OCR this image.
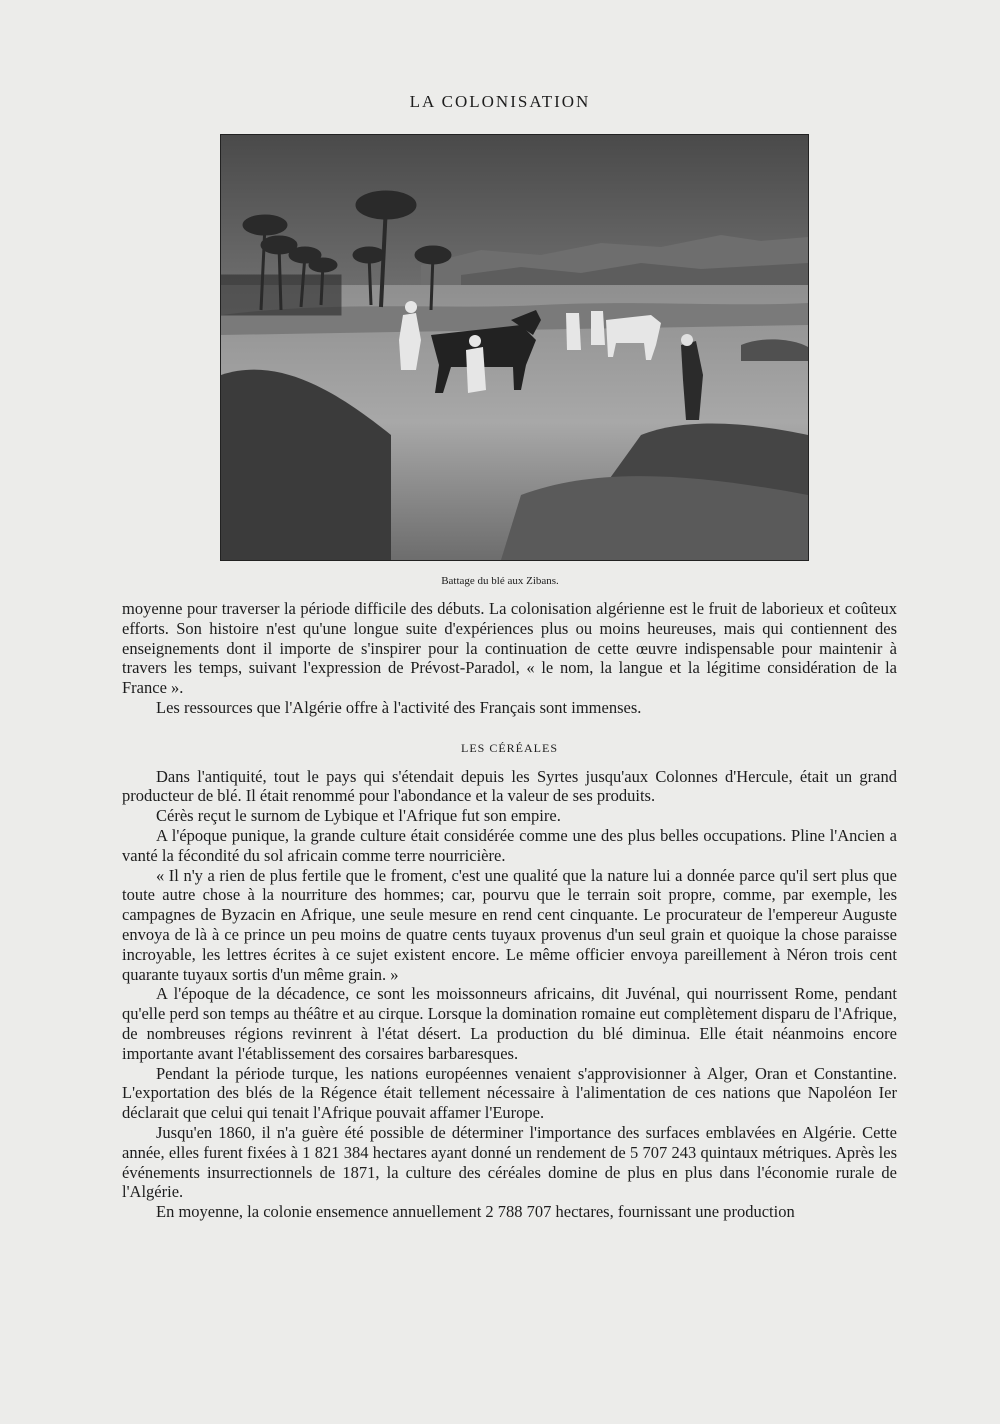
LA COLONISATION
Battage du blé aux Zibans.

moyenne pour traverser la période difficile des débuts. La colonisation algérienne est le fruit de laborieux et coûteux efforts. Son histoire n'est qu'une longue suite d'expériences plus ou moins heureuses, mais qui contiennent des enseignements dont il importe de s'inspirer pour la continuation de cette œuvre indispensable pour maintenir à travers les temps, suivant l'expression de Prévost-Paradol, « le nom, la langue et la légitime considération de la France ».

Les ressources que l'Algérie offre à l'activité des Français sont immenses.

LES CÉRÉALES

Dans l'antiquité, tout le pays qui s'étendait depuis les Syrtes jusqu'aux Colonnes d'Hercule, était un grand producteur de blé. Il était renommé pour l'abondance et la valeur de ses produits.

Cérès reçut le surnom de Lybique et l'Afrique fut son empire.

A l'époque punique, la grande culture était considérée comme une des plus belles occupations. Pline l'Ancien a vanté la fécondité du sol africain comme terre nourricière.

« Il n'y a rien de plus fertile que le froment, c'est une qualité que la nature lui a donnée parce qu'il sert plus que toute autre chose à la nourriture des hommes; car, pourvu que le terrain soit propre, comme, par exemple, les campagnes de Byzacin en Afrique, une seule mesure en rend cent cinquante. Le procurateur de l'empereur Auguste envoya de là à ce prince un peu moins de quatre cents tuyaux provenus d'un seul grain et quoique la chose paraisse incroyable, les lettres écrites à ce sujet existent encore. Le même officier envoya pareillement à Néron trois cent quarante tuyaux sortis d'un même grain. »

A l'époque de la décadence, ce sont les moissonneurs africains, dit Juvénal, qui nourrissent Rome, pendant qu'elle perd son temps au théâtre et au cirque. Lorsque la domination romaine eut complètement disparu de l'Afrique, de nombreuses régions revinrent à l'état désert. La production du blé diminua. Elle était néanmoins encore importante avant l'établissement des corsaires barbaresques.

Pendant la période turque, les nations européennes venaient s'approvisionner à Alger, Oran et Constantine. L'exportation des blés de la Régence était tellement nécessaire à l'alimentation de ces nations que Napoléon Ier déclarait que celui qui tenait l'Afrique pouvait affamer l'Europe.

Jusqu'en 1860, il n'a guère été possible de déterminer l'importance des surfaces emblavées en Algérie. Cette année, elles furent fixées à 1 821 384 hectares ayant donné un rendement de 5 707 243 quintaux métriques. Après les événements insurrectionnels de 1871, la culture des céréales domine de plus en plus dans l'économie rurale de l'Algérie.

En moyenne, la colonie ensemence annuellement 2 788 707 hectares, fournissant une production
